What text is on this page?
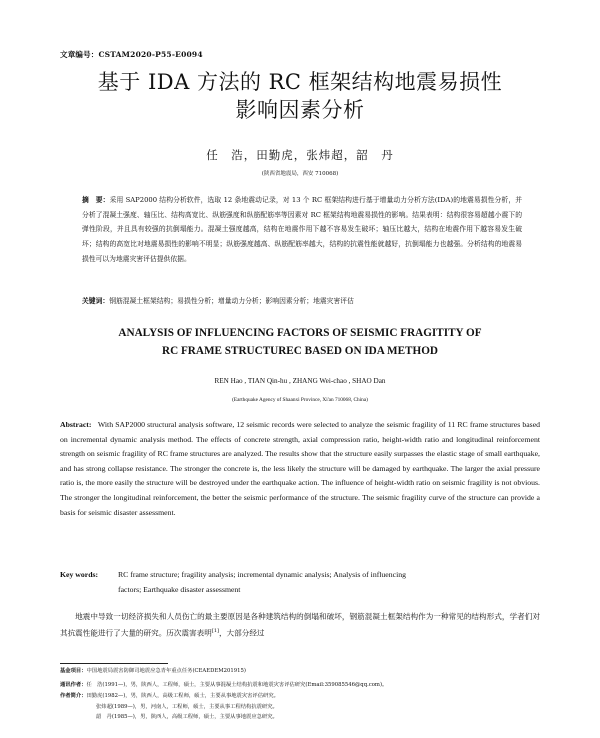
文章编号：CSTAM2020-P55-E0094
基于 IDA 方法的 RC 框架结构地震易损性
影响因素分析
任　浩，田勤虎，张炜超，韶　丹
(陕西省地震局，西安 710068)
摘　要：采用 SAP2000 结构分析软件，选取 12 条地震动记录，对 13 个 RC 框架结构进行基于增量动力分析方法(IDA)的地震易损性分析，并分析了混凝土强度、轴压比、结构高宽比、纵筋强度和纵筋配筋率等因素对 RC 框架结构地震易损性的影响。结果表明：结构很容易超越小震下的弹性阶段，并且具有较强的抗倒塌能力。混凝土强度越高，结构在地震作用下越不容易发生破坏；轴压比越大，结构在地震作用下越容易发生破坏；结构的高宽比对地震易损性的影响不明显；纵筋强度越高、纵筋配筋率越大，结构的抗震性能就越好，抗倒塌能力也越强。分析结构的地震易损性可以为地震灾害评估提供依据。
关键词：钢筋混凝土框架结构；易损性分析；增量动力分析；影响因素分析；地震灾害评估
ANALYSIS OF INFLUENCING FACTORS OF SEISMIC FRAGITITY OF
RC FRAME STRUCTUREC BASED ON IDA METHOD
REN Hao , TIAN Qin-hu , ZHANG Wei-chao , SHAO Dan
(Earthquake Agency of Shaanxi Province, Xi'an 710068, China)
Abstract: With SAP2000 structural analysis software, 12 seismic records were selected to analyze the seismic fragility of 11 RC frame structures based on incremental dynamic analysis method. The effects of concrete strength, axial compression ratio, height-width ratio and longitudinal reinforcement strength on seismic fragility of RC frame structures are analyzed. The results show that the structure easily surpasses the elastic stage of small earthquake, and has strong collapse resistance. The stronger the concrete is, the less likely the structure will be damaged by earthquake. The larger the axial pressure ratio is, the more easily the structure will be destroyed under the earthquake action. The influence of height-width ratio on seismic fragility is not obvious. The stronger the longitudinal reinforcement, the better the seismic performance of the structure. The seismic fragility curve of the structure can provide a basis for seismic disaster assessment.
Key words:	RC frame structure; fragility analysis; incremental dynamic analysis; Analysis of influencing
factors; Earthquake disaster assessment
地震中导致一切经济损失和人员伤亡的最主要原因是各种建筑结构的倒塌和破坏，钢筋混凝土框架结构作为一种常见的结构形式，学者们对其抗震性能进行了大量的研究。历次震害表明[1]，大部分经过
基金项目：中国地震局震害防御司地震应急青年重点任务(CEAEDEM201915)
通讯作者：任　浩(1991—)，男，陕西人，工程师，硕士，主要从事混凝土结构抗震和地震灾害评估研究(Email:359085546@qq.com)。
作者简介：田勤虎(1982—)，男，陕西人，高级工程师，硕士，主要从事地震灾害评估研究。
张炜超(1989—)，男，河南人，工程师，硕士，主要从事工程结构抗震研究。
韶　丹(1985—)，男，陕西人，高级工程师，硕士，主要从事地震应急研究。
